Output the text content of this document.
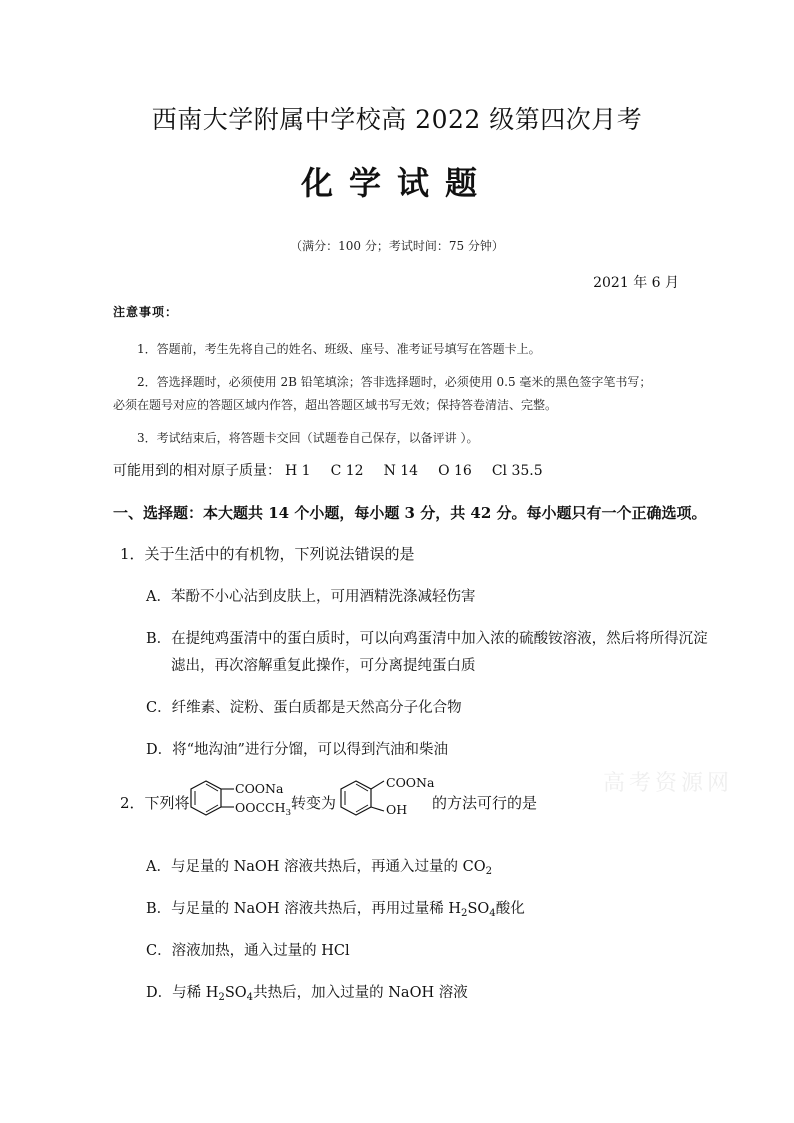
西南大学附属中学校高 2022 级第四次月考
化学试题
（满分：100 分；考试时间：75 分钟）
2021 年 6 月
注意事项：
1．答题前，考生先将自己的姓名、班级、座号、准考证号填写在答题卡上。
2．答选择题时，必须使用 2B 铅笔填涂；答非选择题时，必须使用 0.5 毫米的黑色签字笔书写；
必须在题号对应的答题区域内作答，超出答题区域书写无效；保持答卷清洁、完整。
3．考试结束后，将答题卡交回（试题卷自己保存，以备评讲 ）。
可能用到的相对原子质量： H 1 C 12 N 14 O 16 Cl 35.5
一、选择题：本大题共 14 个小题，每小题 3 分，共 42 分。每小题只有一个正确选项。
1．关于生活中的有机物，下列说法错误的是
A．苯酚不小心沾到皮肤上，可用酒精洗涤减轻伤害
B．在提纯鸡蛋清中的蛋白质时，可以向鸡蛋清中加入浓的硫酸铵溶液，然后将所得沉淀
滤出，再次溶解重复此操作，可分离提纯蛋白质
C．纤维素、淀粉、蛋白质都是天然高分子化合物
D．将“地沟油”进行分馏，可以得到汽油和柴油
高考资源网
2．下列将
COONa
$OOCCH_3$
转变为
COONa
OH 的方法可行的是
A．与足量的 NaOH 溶液共热后，再通入过量的 $CO_2$
B．与足量的 NaOH 溶液共热后，再用过量稀 $H_2SO_4$酸化
C．溶液加热，通入过量的 HCl
D．与稀 $H_2SO_4$共热后，加入过量的 NaOH 溶液
